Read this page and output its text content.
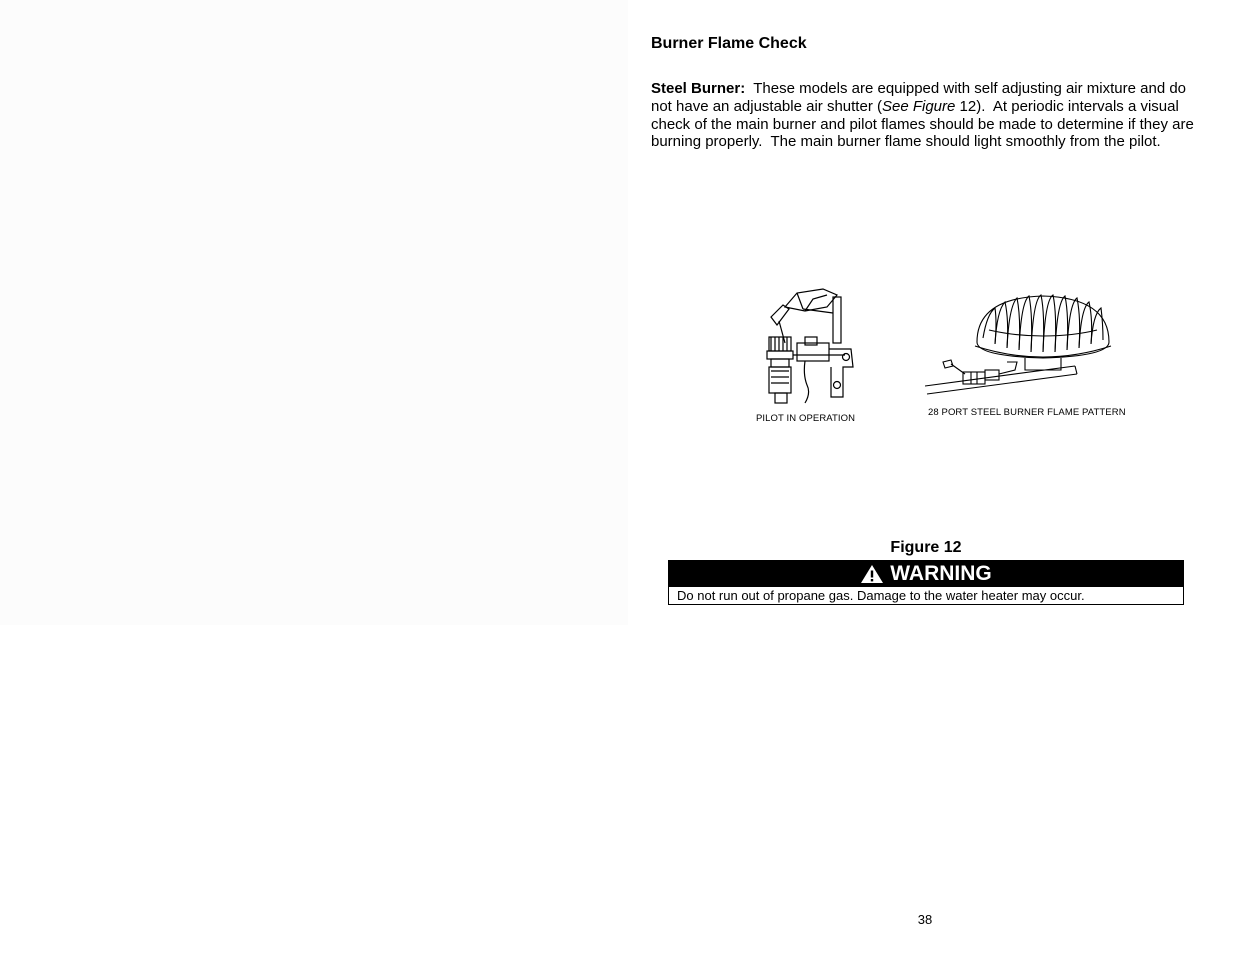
Burner Flame Check

Steel Burner:  These models are equipped with self adjusting air mixture and do not have an adjustable air shutter (See Figure 12).  At periodic intervals a visual check of the main burner and pilot flames should be made to determine if they are burning properly.  The main burner flame should light smoothly from the pilot.

PILOT IN OPERATION
28 PORT STEEL BURNER FLAME PATTERN
Figure 12
WARNING
Do not run out of propane gas. Damage to the water heater may occur.
38
